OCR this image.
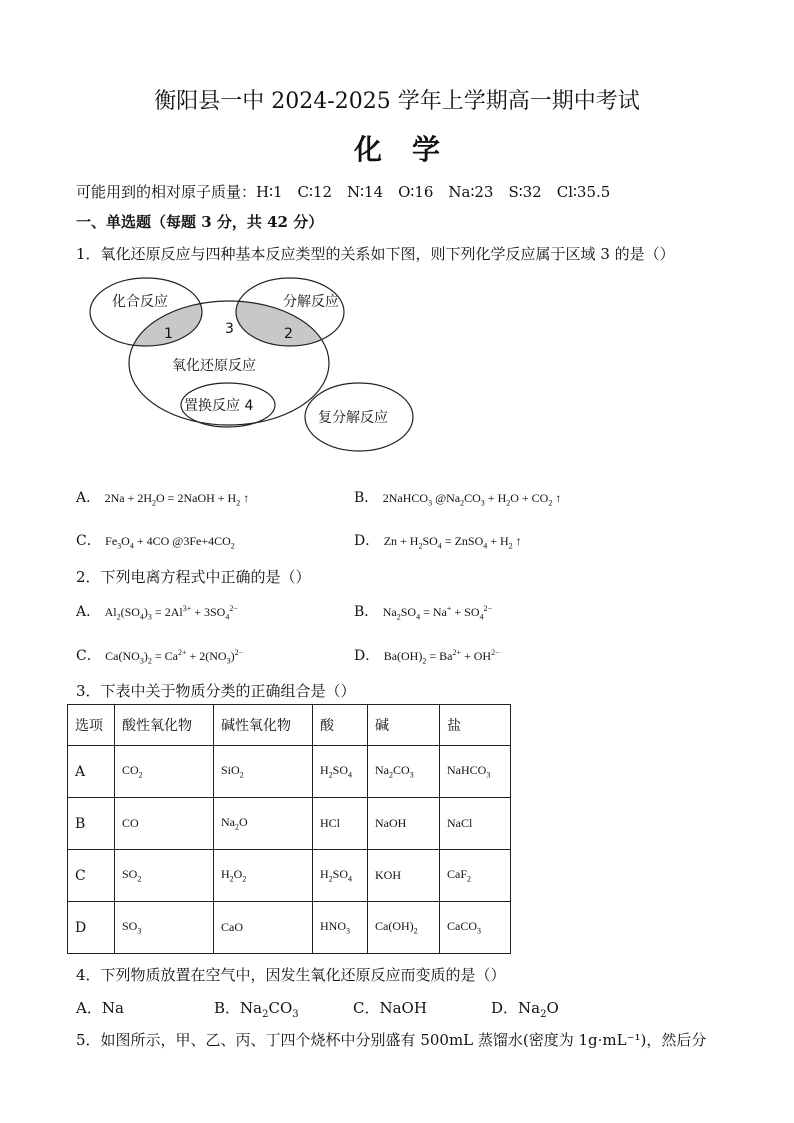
衡阳县一中 2024-2025 学年上学期高一期中考试
化学
可能用到的相对原子质量：H∶1　C∶12　N∶14　O∶16　Na∶23　S∶32　Cl∶35.5
一、单选题（每题 3 分，共 42 分）
1．氧化还原反应与四种基本反应类型的关系如下图，则下列化学反应属于区域 3 的是（）
化合反应	分解反应
1	3	2
氧化还原反应
置换反应 4
复分解反应
A． $2Na + 2H_2O$ = 2NaOH + $H_2$ ↑	B． 2NaHCO$_3$ $@Na_2CO_3 + H_2O + CO_2$ ↑
C． $Fe_3O_4 + 4CO$ $@3Fe+4CO_2$	D． $Zn + H_2SO_4$ = ZnSO$_4$ + $H_2$ ↑
2．下列电离方程式中正确的是（）
A． $Al_2(SO_4)_3 = 2Al^{3+} + 3SO_4^{2-}$	B． $Na_2SO_4 = Na^+ + SO_4^{2-}$
C． $Ca(NO_3)_2 = Ca^{2+} + 2(NO_3)^{2-}$	D． $Ba(OH)_2 = Ba^{2+} + OH^{2-}$
3．下表中关于物质分类的正确组合是（）
选项	酸性氧化物	碱性氧化物	酸	碱	盐
A	$CO_2$	SiO$_2$	$H_2SO_4$	$Na_2CO_3$	NaHCO$_3$
B	CO	$Na_2O$	HCl	NaOH	NaCl
C	$SO_2$	$H_2O_2$	$H_2SO_4$	KOH	CaF$_2$
D	$SO_3$	CaO	$HNO_3$	$Ca(OH)_2$	CaCO$_3$
4．下列物质放置在空气中，因发生氧化还原反应而变质的是（）
A．Na	B．$Na_2CO_3$	C．NaOH	D．$Na_2O$
5．如图所示，甲、乙、丙、丁四个烧杯中分别盛有 500mL 蒸馏水(密度为 1g·mL⁻¹)，然后分
